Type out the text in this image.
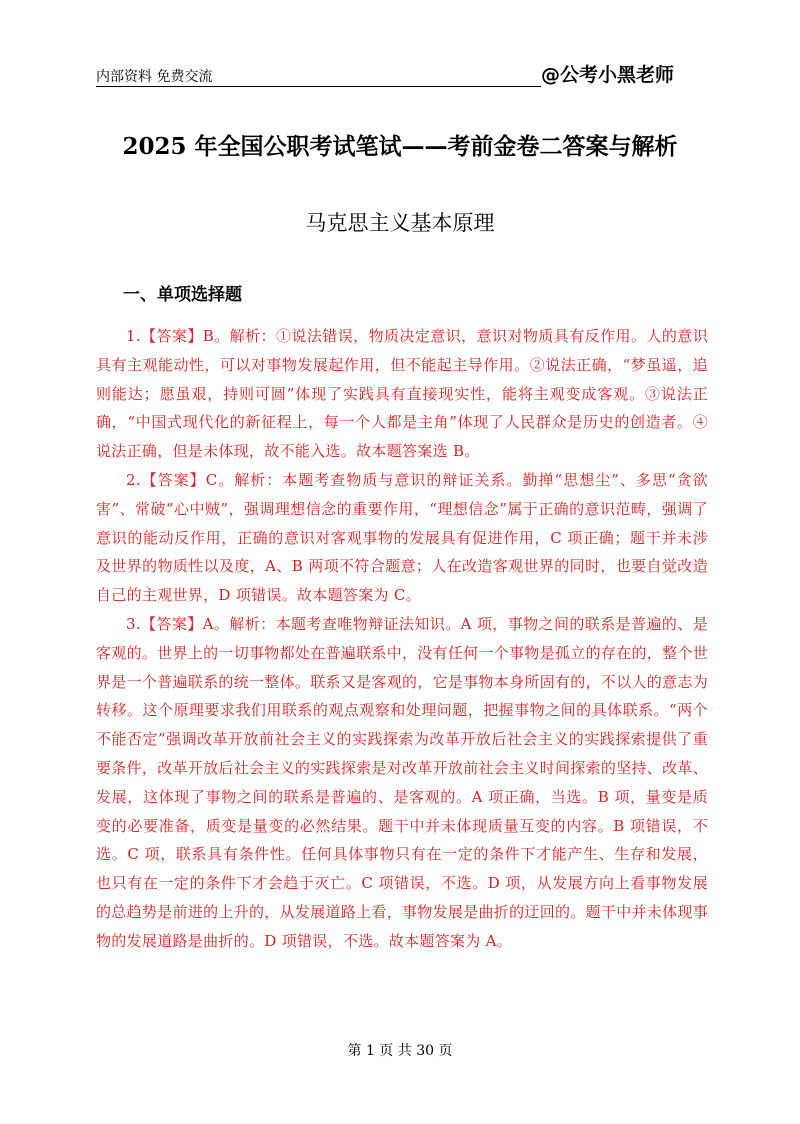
内部资料 免费交流	@公考小黑老师
2025 年全国公职考试笔试——考前金卷二答案与解析
马克思主义基本原理
一、单项选择题

1.【答案】B。解析：①说法错误，物质决定意识，意识对物质具有反作用。人的意识具有主观能动性，可以对事物发展起作用，但不能起主导作用。②说法正确，“梦虽遥，追则能达；愿虽艰，持则可圆”体现了实践具有直接现实性，能将主观变成客观。③说法正确，“中国式现代化的新征程上，每一个人都是主角”体现了人民群众是历史的创造者。④说法正确，但是未体现，故不能入选。故本题答案选 B。

2.【答案】C。解析：本题考查物质与意识的辩证关系。勤掸“思想尘”、多思“贪欲害”、常破“心中贼”，强调理想信念的重要作用，“理想信念”属于正确的意识范畴，强调了意识的能动反作用，正确的意识对客观事物的发展具有促进作用，C 项正确；题干并未涉及世界的物质性以及度，A、B 两项不符合题意；人在改造客观世界的同时，也要自觉改造自己的主观世界，D 项错误。故本题答案为 C。

3.【答案】A。解析：本题考查唯物辩证法知识。A 项，事物之间的联系是普遍的、是客观的。世界上的一切事物都处在普遍联系中，没有任何一个事物是孤立的存在的，整个世界是一个普遍联系的统一整体。联系又是客观的，它是事物本身所固有的，不以人的意志为转移。这个原理要求我们用联系的观点观察和处理问题，把握事物之间的具体联系。“两个不能否定”强调改革开放前社会主义的实践探索为改革开放后社会主义的实践探索提供了重要条件，改革开放后社会主义的实践探索是对改革开放前社会主义时间探索的坚持、改革、发展，这体现了事物之间的联系是普遍的、是客观的。A 项正确，当选。B 项，量变是质变的必要准备，质变是量变的必然结果。题干中并未体现质量互变的内容。B 项错误，不选。C 项，联系具有条件性。任何具体事物只有在一定的条件下才能产生、生存和发展，也只有在一定的条件下才会趋于灭亡。C 项错误，不选。D 项，从发展方向上看事物发展的总趋势是前进的上升的，从发展道路上看，事物发展是曲折的迂回的。题干中并未体现事物的发展道路是曲折的。D 项错误，不选。故本题答案为 A。

第 1 页 共 30 页
